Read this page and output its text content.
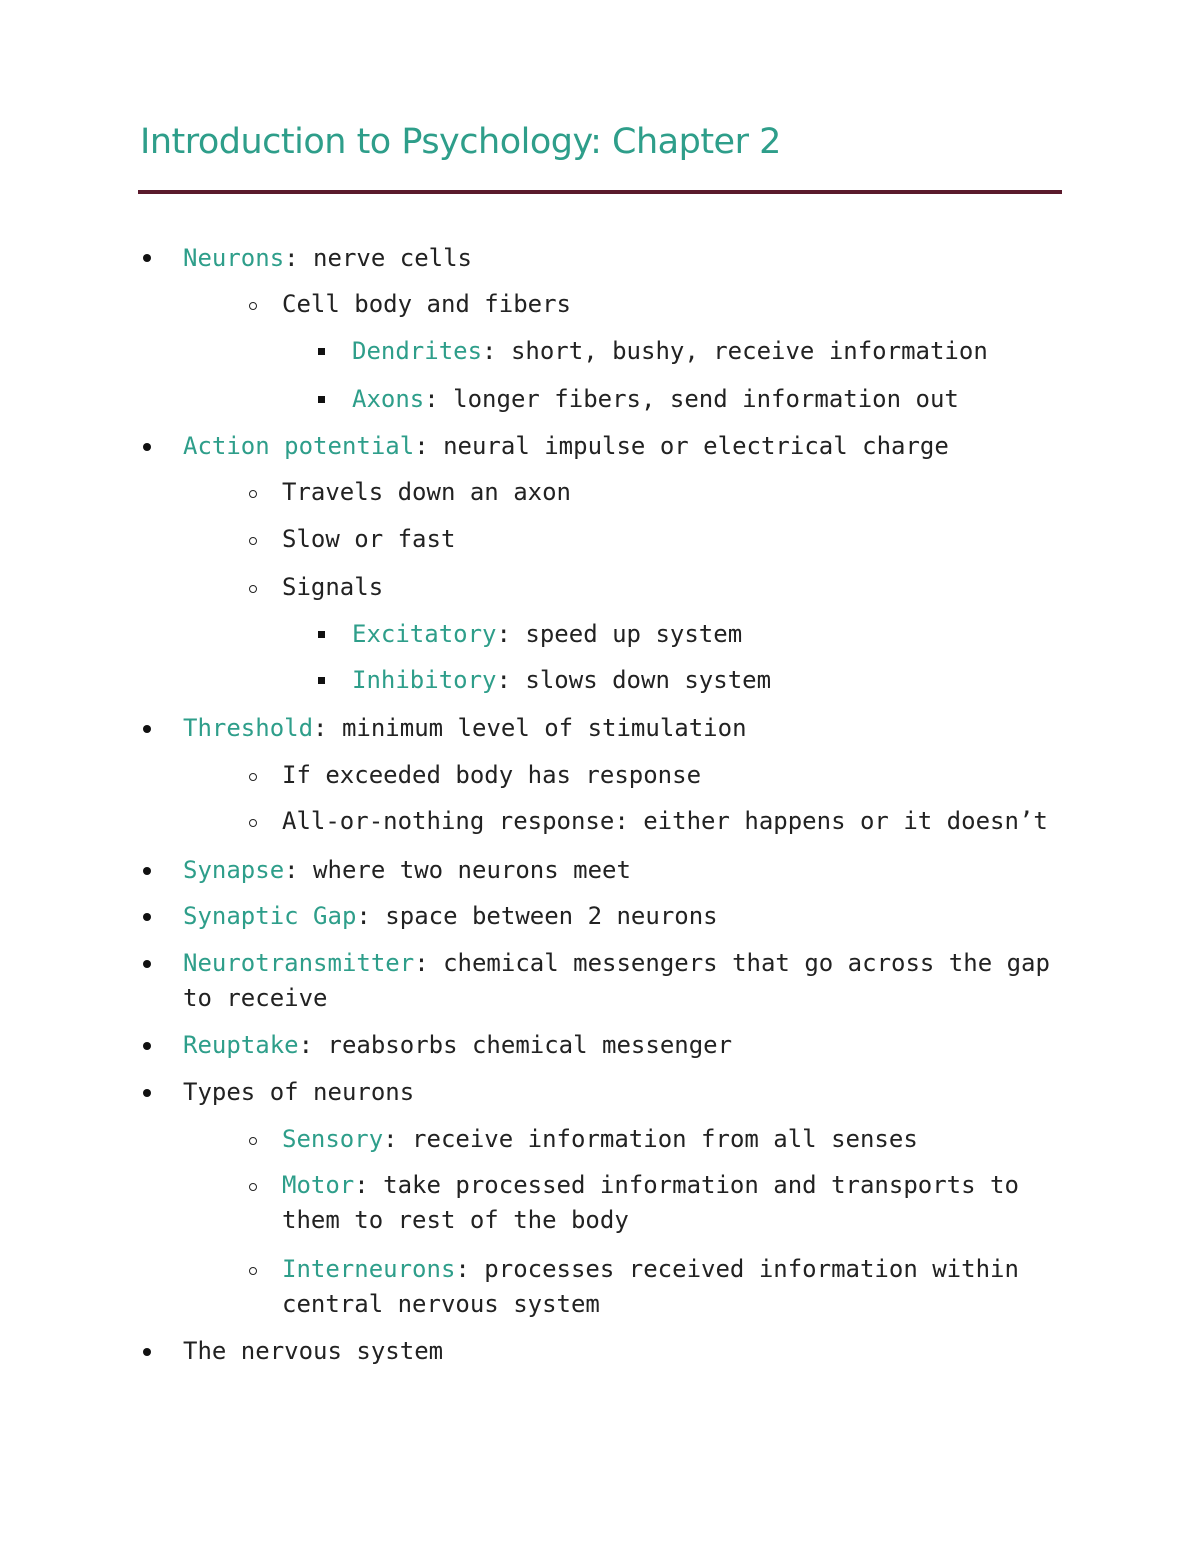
Introduction to Psychology: Chapter 2
Neurons: nerve cells
Cell body and fibers
Dendrites: short, bushy, receive information
Axons: longer fibers, send information out
Action potential: neural impulse or electrical charge
Travels down an axon
Slow or fast
Signals
Excitatory: speed up system
Inhibitory: slows down system
Threshold: minimum level of stimulation
If exceeded body has response
All-or-nothing response: either happens or it doesn’t
Synapse: where two neurons meet
Synaptic Gap: space between 2 neurons
Neurotransmitter: chemical messengers that go across the gap
to receive
Reuptake: reabsorbs chemical messenger
Types of neurons
Sensory: receive information from all senses
Motor: take processed information and transports to
them to rest of the body
Interneurons: processes received information within
central nervous system
The nervous system
